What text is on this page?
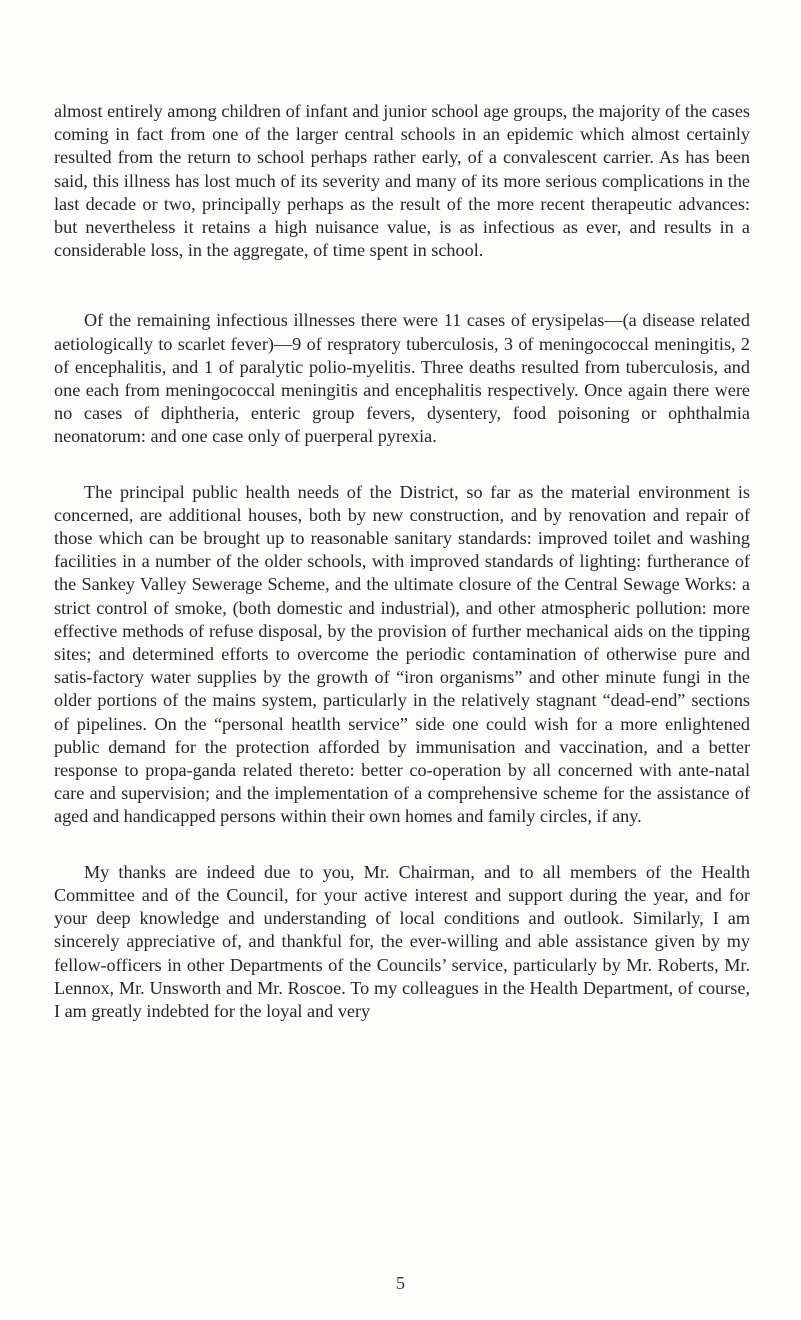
almost entirely among children of infant and junior school age groups, the majority of the cases coming in fact from one of the larger central schools in an epidemic which almost certainly resulted from the return to school perhaps rather early, of a convalescent carrier. As has been said, this illness has lost much of its severity and many of its more serious complications in the last decade or two, principally perhaps as the result of the more recent therapeutic advances: but nevertheless it retains a high nuisance value, is as infectious as ever, and results in a considerable loss, in the aggregate, of time spent in school.

Of the remaining infectious illnesses there were 11 cases of erysipelas—(a disease related aetiologically to scarlet fever)—9 of respratory tuberculosis, 3 of meningococcal meningitis, 2 of encephalitis, and 1 of paralytic polio-myelitis. Three deaths resulted from tuberculosis, and one each from meningococcal meningitis and encephalitis respectively. Once again there were no cases of diphtheria, enteric group fevers, dysentery, food poisoning or ophthalmia neonatorum: and one case only of puerperal pyrexia.

The principal public health needs of the District, so far as the material environment is concerned, are additional houses, both by new construction, and by renovation and repair of those which can be brought up to reasonable sanitary standards: improved toilet and washing facilities in a number of the older schools, with improved standards of lighting: furtherance of the Sankey Valley Sewerage Scheme, and the ultimate closure of the Central Sewage Works: a strict control of smoke, (both domestic and industrial), and other atmospheric pollution: more effective methods of refuse disposal, by the provision of further mechanical aids on the tipping sites; and determined efforts to overcome the periodic contamination of otherwise pure and satis-factory water supplies by the growth of “iron organisms” and other minute fungi in the older portions of the mains system, particularly in the relatively stagnant “dead-end” sections of pipelines. On the “personal heatlth service” side one could wish for a more enlightened public demand for the protection afforded by immunisation and vaccination, and a better response to propa-ganda related thereto: better co-operation by all concerned with ante-natal care and supervision; and the implementation of a comprehensive scheme for the assistance of aged and handicapped persons within their own homes and family circles, if any.

My thanks are indeed due to you, Mr. Chairman, and to all members of the Health Committee and of the Council, for your active interest and support during the year, and for your deep knowledge and understanding of local conditions and outlook. Similarly, I am sincerely appreciative of, and thankful for, the ever-willing and able assistance given by my fellow-officers in other Departments of the Councils’ service, particularly by Mr. Roberts, Mr. Lennox, Mr. Unsworth and Mr. Roscoe. To my colleagues in the Health Department, of course, I am greatly indebted for the loyal and very

5
